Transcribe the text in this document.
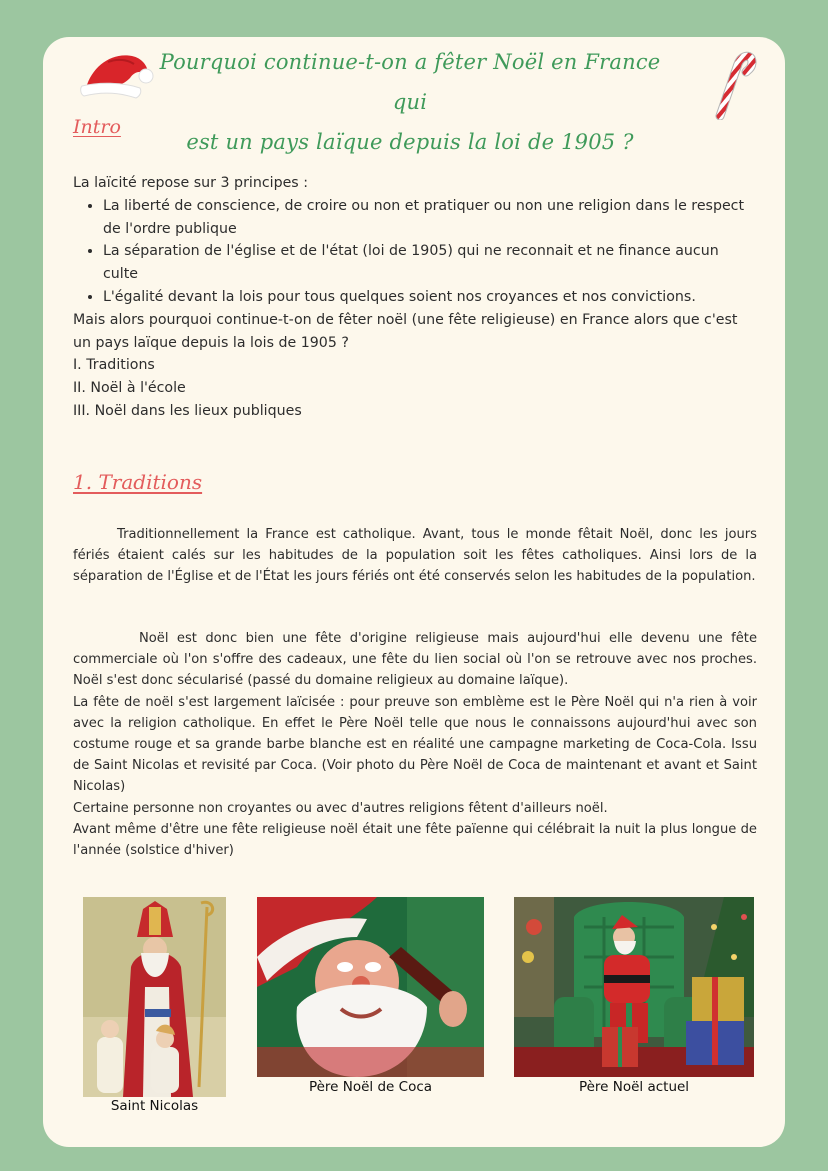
Pourquoi continue-t-on a fêter Noël en France qui
est un pays laïque depuis la loi de 1905 ?
Intro

La laïcité repose sur 3 principes :

• La liberté de conscience, de croire ou non et pratiquer ou non une religion dans le respect de l'ordre publique
• La séparation de l'église et de l'état (loi de 1905) qui ne reconnait et ne finance aucun culte
• L'égalité devant la lois pour tous quelques soient nos croyances et nos convictions.

Mais alors pourquoi continue-t-on de fêter noël (une fête religieuse) en France alors que c'est un pays laïque depuis la lois de 1905 ?

I. Traditions

II. Noël à l'école

III. Noël dans les lieux publiques

1. Traditions

Traditionnellement la France est catholique. Avant, tous le monde fêtait Noël, donc les jours fériés étaient calés sur les habitudes de la population soit les fêtes catholiques. Ainsi lors de la séparation de l'Église et de l'État les jours fériés ont été conservés selon les habitudes de la population.

Noël est donc bien une fête d'origine religieuse mais aujourd'hui elle devenu une fête commerciale où l'on s'offre des cadeaux, une fête du lien social où l'on se retrouve avec nos proches. Noël s'est donc sécularisé (passé du domaine religieux au domaine laïque).

La fête de noël s'est largement laïcisée : pour preuve son emblème est le Père Noël qui n'a rien à voir avec la religion catholique. En effet le Père Noël telle que nous le connaissons aujourd'hui avec son costume rouge et sa grande barbe blanche est en réalité une campagne marketing de Coca-Cola. Issu de Saint Nicolas et revisité par Coca. (Voir photo du Père Noël de Coca de maintenant et avant et Saint Nicolas)

Certaine personne non croyantes ou avec d'autres religions fêtent d'ailleurs noël.

Avant même d'être une fête religieuse noël était une fête païenne qui célébrait la nuit la plus longue de l'année (solstice d'hiver)

Saint Nicolas
Père Noël de Coca	Père Noël actuel
